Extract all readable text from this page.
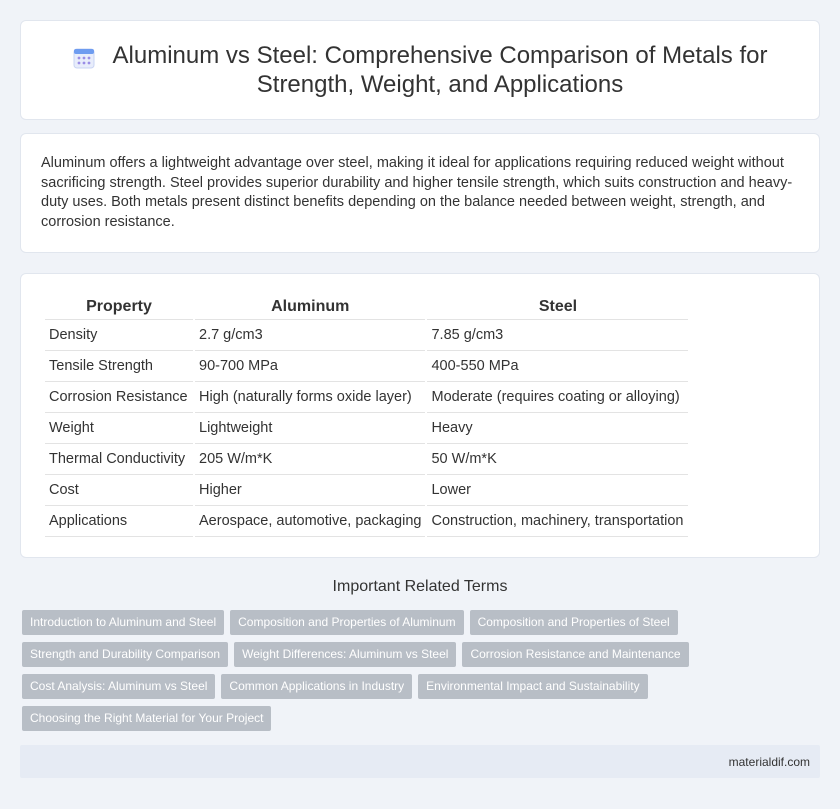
Aluminum vs Steel: Comprehensive Comparison of Metals for Strength, Weight, and Applications

Aluminum offers a lightweight advantage over steel, making it ideal for applications requiring reduced weight without sacrificing strength. Steel provides superior durability and higher tensile strength, which suits construction and heavy-duty uses. Both metals present distinct benefits depending on the balance needed between weight, strength, and corrosion resistance.

Property	Aluminum	Steel
Density	2.7 g/cm3	7.85 g/cm3
Tensile Strength	90-700 MPa	400-550 MPa
Corrosion Resistance	High (naturally forms oxide layer)	Moderate (requires coating or alloying)
Weight	Lightweight	Heavy
Thermal Conductivity	205 W/m*K	50 W/m*K
Cost	Higher	Lower
Applications	Aerospace, automotive, packaging	Construction, machinery, transportation
Important Related Terms
Introduction to Aluminum and Steel	Composition and Properties of Aluminum	Composition and Properties of Steel
Strength and Durability Comparison	Weight Differences: Aluminum vs Steel	Corrosion Resistance and Maintenance
Cost Analysis: Aluminum vs Steel	Common Applications in Industry	Environmental Impact and Sustainability
Choosing the Right Material for Your Project
materialdif.com
